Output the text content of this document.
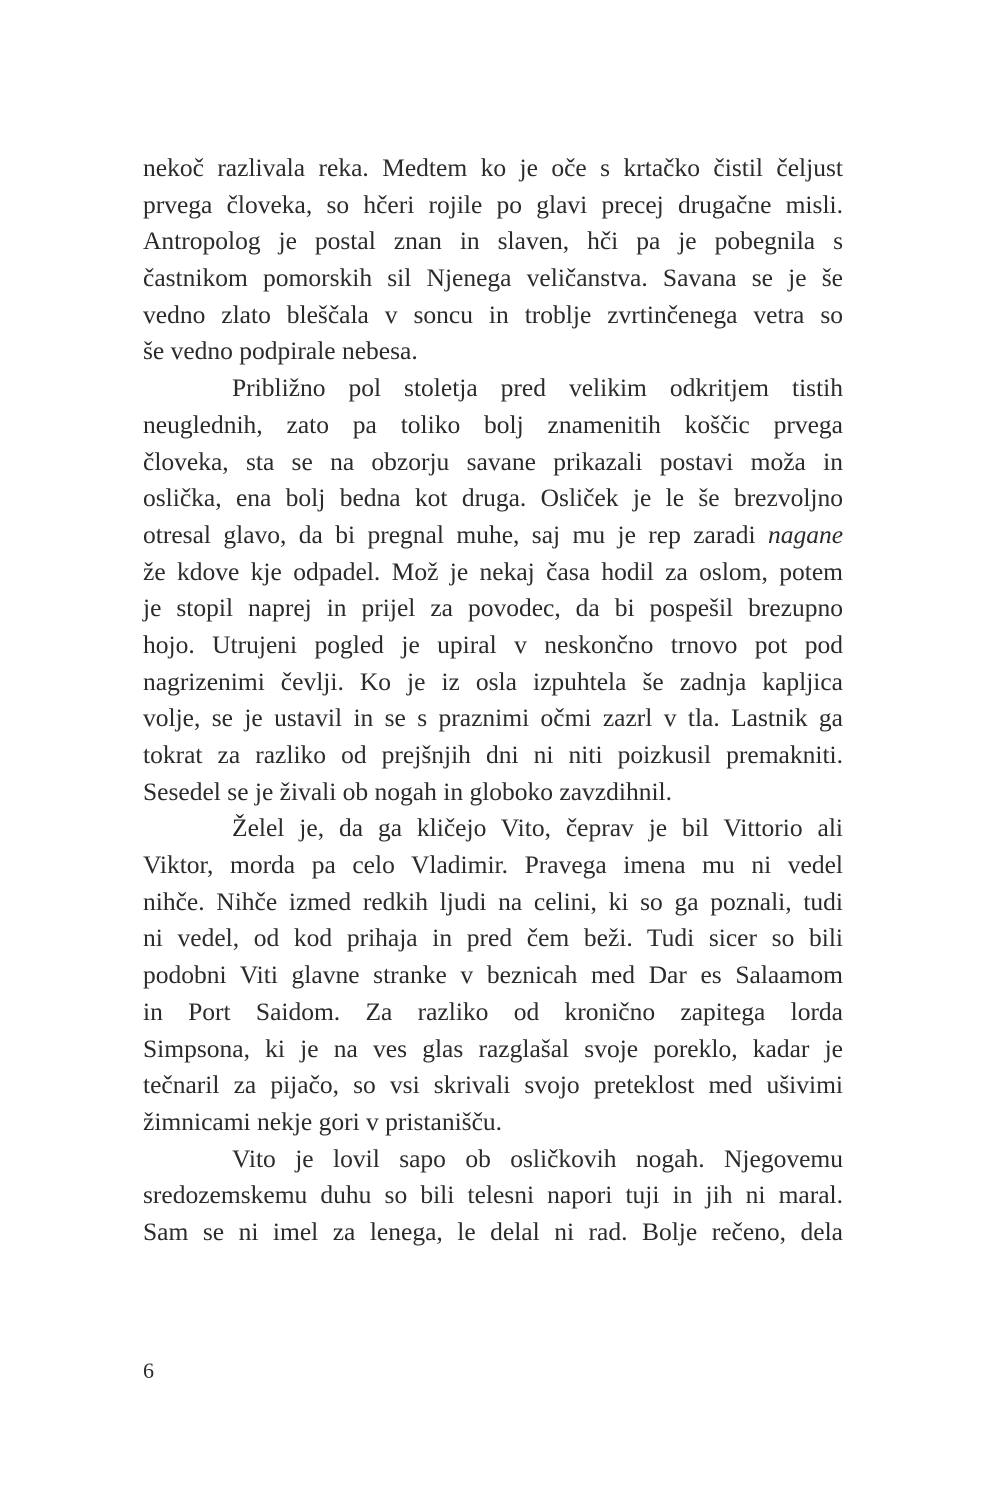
nekoč razlivala reka. Medtem ko je oče s krtačko čistil čeljust
prvega človeka, so hčeri rojile po glavi precej drugačne misli.
Antropolog je postal znan in slaven, hči pa je pobegnila s
častnikom pomorskih sil Njenega veličanstva. Savana se je še
vedno zlato bleščala v soncu in troblje zvrtinčenega vetra so
še vedno podpirale nebesa.
Približno pol stoletja pred velikim odkritjem tistih
neuglednih, zato pa toliko bolj znamenitih koščic prvega
človeka, sta se na obzorju savane prikazali postavi moža in
oslička, ena bolj bedna kot druga. Osliček je le še brezvoljno
otresal glavo, da bi pregnal muhe, saj mu je rep zaradi nagane
že kdove kje odpadel. Mož je nekaj časa hodil za oslom, potem
je stopil naprej in prijel za povodec, da bi pospešil brezupno
hojo. Utrujeni pogled je upiral v neskončno trnovo pot pod
nagrizenimi čevlji. Ko je iz osla izpuhtela še zadnja kapljica
volje, se je ustavil in se s praznimi očmi zazrl v tla. Lastnik ga
tokrat za razliko od prejšnjih dni ni niti poizkusil premakniti.
Sesedel se je živali ob nogah in globoko zavzdihnil.
Želel je, da ga kličejo Vito, čeprav je bil Vittorio ali
Viktor, morda pa celo Vladimir. Pravega imena mu ni vedel
nihče. Nihče izmed redkih ljudi na celini, ki so ga poznali, tudi
ni vedel, od kod prihaja in pred čem beži. Tudi sicer so bili
podobni Viti glavne stranke v beznicah med Dar es Salaamom
in Port Saidom. Za razliko od kronično zapitega lorda
Simpsona, ki je na ves glas razglašal svoje poreklo, kadar je
tečnaril za pijačo, so vsi skrivali svojo preteklost med ušivimi
žimnicami nekje gori v pristanišču.
Vito je lovil sapo ob osličkovih nogah. Njegovemu
sredozemskemu duhu so bili telesni napori tuji in jih ni maral.
Sam se ni imel za lenega, le delal ni rad. Bolje rečeno, dela
6
